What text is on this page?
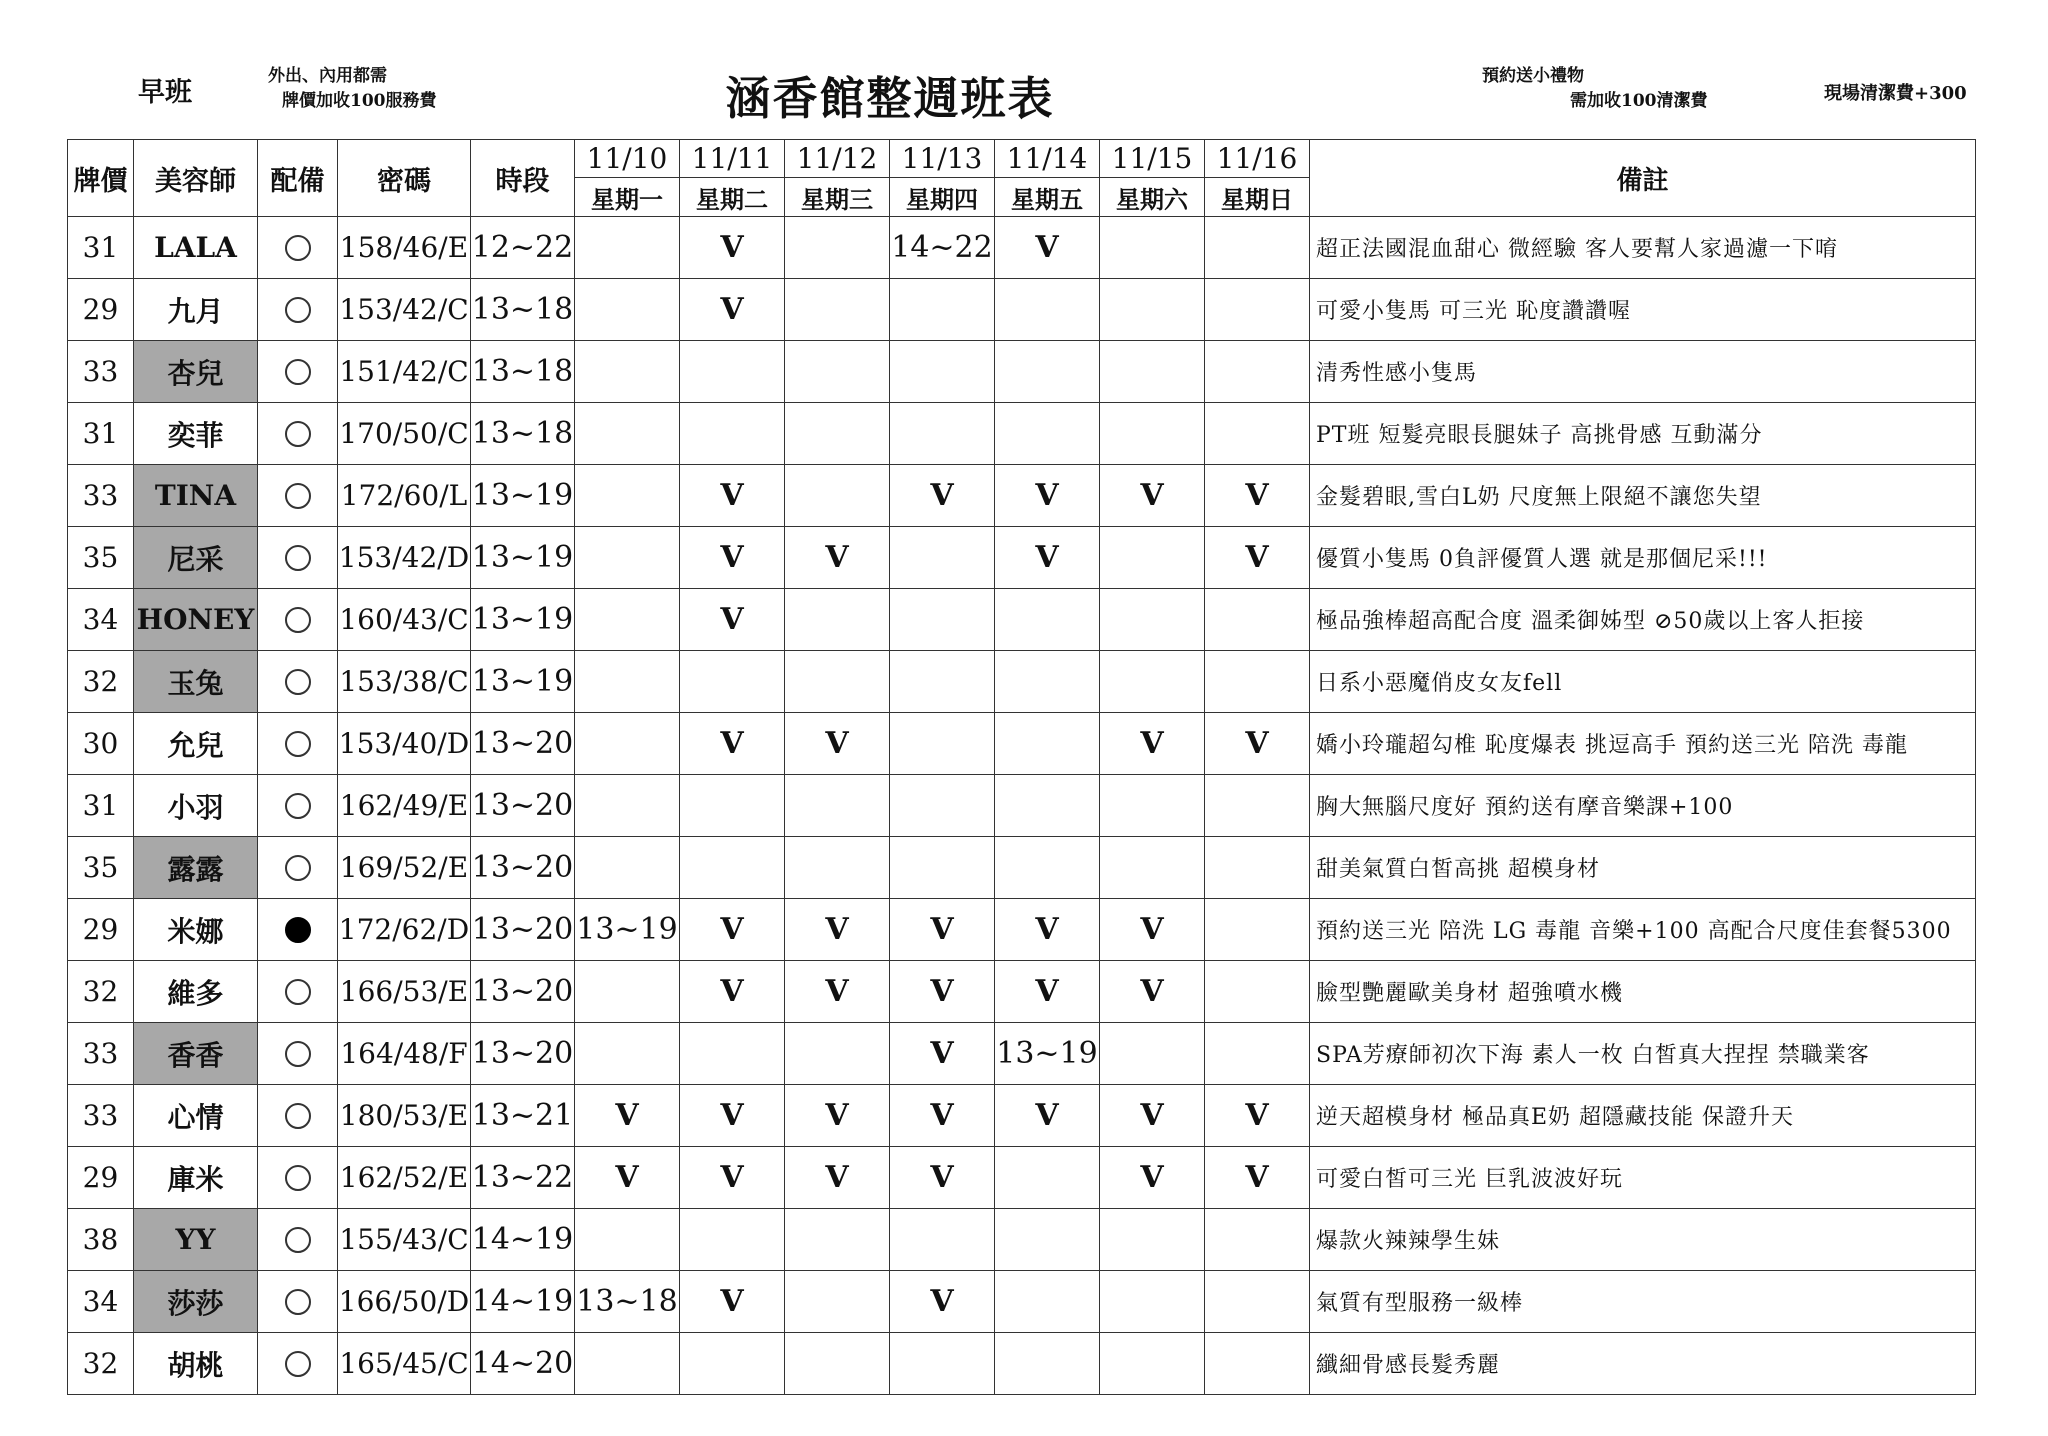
早班
外出、內用都需
牌價加收100服務費	涵香館整週班表	預約送小禮物
需加收100清潔費	現場清潔費+300
牌價	美容師	配備	密碼	時段	11/10	11/11	11/12	11/13	11/14	11/15	11/16	備註
					星期一	星期二	星期三	星期四	星期五	星期六	星期日	
31	LALA		158/46/E	12~22		V		14~22	V			超正法國混血甜心 微經驗 客人要幫人家過濾一下唷
29	九月		153/42/C	13~18		V						可愛小隻馬 可三光 恥度讚讚喔
33	杏兒		151/42/C	13~18								清秀性感小隻馬
31	奕菲		170/50/C	13~18								PT班 短髮亮眼長腿妹子 高挑骨感 互動滿分
33	TINA		172/60/L	13~19		V		V	V	V	V	金髮碧眼,雪白L奶 尺度無上限絕不讓您失望
35	尼采		153/42/D	13~19		V	V		V		V	優質小隻馬 0負評優質人選 就是那個尼采!!!
34	HONEY		160/43/C	13~19		V						極品強棒超高配合度 溫柔御姊型 ⊘50歲以上客人拒接
32	玉兔		153/38/C	13~19								日系小惡魔俏皮女友fell
30	允兒		153/40/D	13~20		V	V			V	V	嬌小玲瓏超勾椎 恥度爆表 挑逗高手 預約送三光 陪洗 毒龍
31	小羽		162/49/E	13~20								胸大無腦尺度好 預約送有摩音樂課+100
35	露露		169/52/E	13~20								甜美氣質白皙高挑 超模身材
29	米娜		172/62/D	13~20	13~19	V	V	V	V	V		預約送三光 陪洗 LG 毒龍 音樂+100 高配合尺度佳套餐5300
32	維多		166/53/E	13~20		V	V	V	V	V		臉型艷麗歐美身材 超強噴水機
33	香香		164/48/F	13~20				V	13~19			SPA芳療師初次下海 素人一枚 白皙真大捏捏 禁職業客
33	心情		180/53/E	13~21	V	V	V	V	V	V	V	逆天超模身材 極品真E奶 超隱藏技能 保證升天
29	庫米		162/52/E	13~22	V	V	V	V		V	V	可愛白皙可三光 巨乳波波好玩
38	YY		155/43/C	14~19								爆款火辣辣學生妹
34	莎莎		166/50/D	14~19	13~18	V		V				氣質有型服務一級棒
32	胡桃		165/45/C	14~20								纖細骨感長髮秀麗
